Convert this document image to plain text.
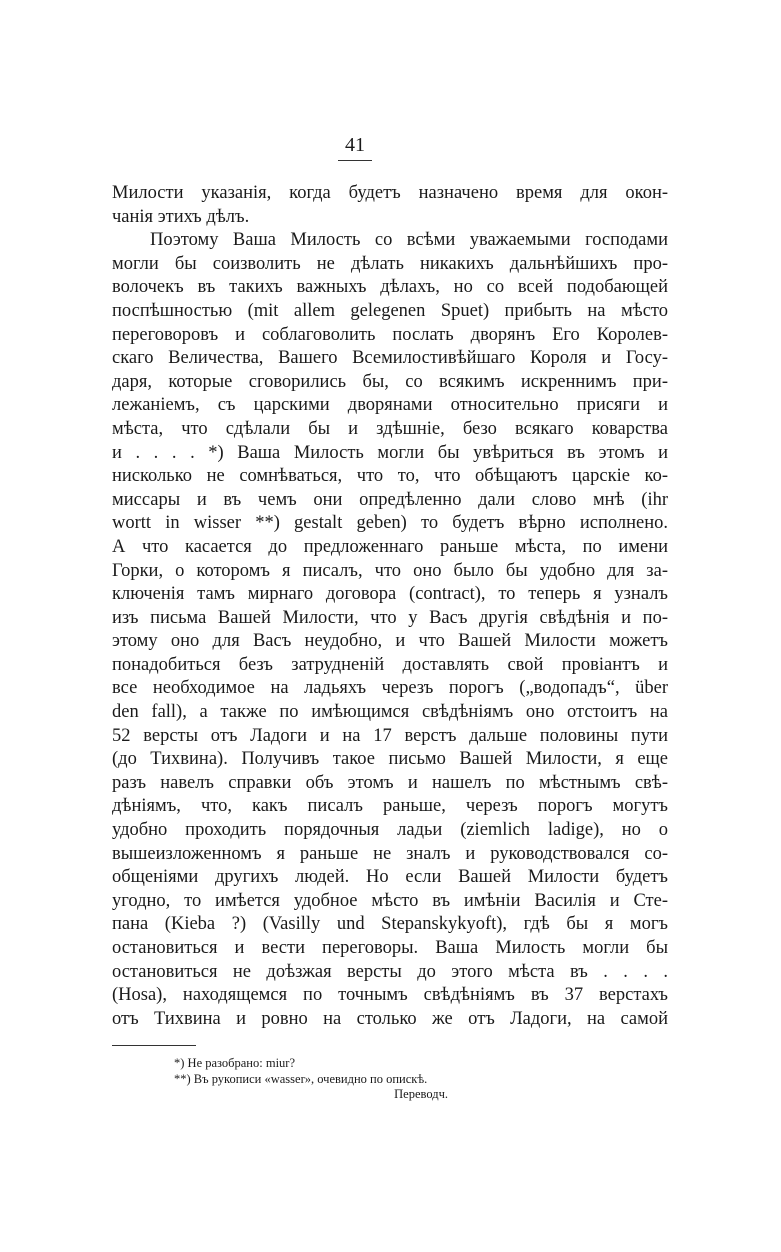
41
Милости указанія, когда будетъ назначено время для окон-
чанія этихъ дѣлъ.
Поэтому Ваша Милость со всѣми уважаемыми господами
могли бы соизволить не дѣлать никакихъ дальнѣйшихъ про-
волочекъ въ такихъ важныхъ дѣлахъ, но со всей подобающей
поспѣшностью (mit allem gelegenen Spuet) прибыть на мѣсто
переговоровъ и соблаговолить послать дворянъ Его Королев-
скаго Величества, Вашего Всемилостивѣйшаго Короля и Госу-
даря, которые сговорились бы, со всякимъ искреннимъ при-
лежаніемъ, съ царскими дворянами относительно присяги и
мѣста, что сдѣлали бы и здѣшніе, безо всякаго коварства
и . . . . *) Ваша Милость могли бы увѣриться въ этомъ и
нисколько не сомнѣваться, что то, что обѣщаютъ царскіе ко-
миссары и въ чемъ они опредѣленно дали слово мнѣ (ihr
wortt in wisser **) gestalt geben) то будетъ вѣрно исполнено.
А что касается до предложеннаго раньше мѣста, по имени
Горки, о которомъ я писалъ, что оно было бы удобно для за-
ключенія тамъ мирнаго договора (contract), то теперь я узналъ
изъ письма Вашей Милости, что у Васъ другія свѣдѣнія и по-
этому оно для Васъ неудобно, и что Вашей Милости можетъ
понадобиться безъ затрудненій доставлять свой провіантъ и
все необходимое на ладьяхъ черезъ порогъ („водопадъ“, über
den fall), а также по имѣющимся свѣдѣніямъ оно отстоитъ на
52 версты отъ Ладоги и на 17 верстъ дальше половины пути
(до Тихвина). Получивъ такое письмо Вашей Милости, я еще
разъ навелъ справки объ этомъ и нашелъ по мѣстнымъ свѣ-
дѣніямъ, что, какъ писалъ раньше, черезъ порогъ могутъ
удобно проходить порядочныя ладьи (ziemlich ladige), но о
вышеизложенномъ я раньше не зналъ и руководствовался со-
общеніями другихъ людей. Но если Вашей Милости будетъ
угодно, то имѣется удобное мѣсто въ имѣніи Василія и Сте-
пана (Kieba ?) (Vasilly und Stepanskykyoft), гдѣ бы я могъ
остановиться и вести переговоры. Ваша Милость могли бы
остановиться не доѣзжая версты до этого мѣста въ . . . .
(Hosa), находящемся по точнымъ свѣдѣніямъ въ 37 верстахъ
отъ Тихвина и ровно на столько же отъ Ладоги, на самой
*) Не разобрано: miur?
**) Въ рукописи «wasser», очевидно по опискѣ.
Переводч.
